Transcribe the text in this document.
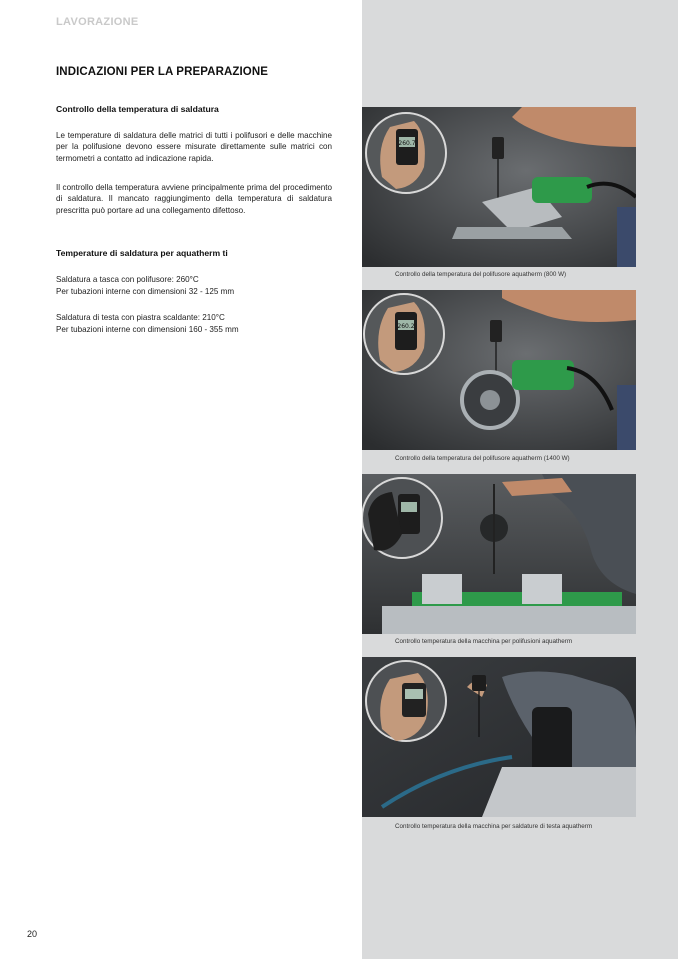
LAVORAZIONE
INDICAZIONI PER LA PREPARAZIONE
Controllo della temperatura di saldatura
Le temperature di saldatura delle matrici di tutti i polifusori e delle macchine per la polifusione devono essere misurate direttamente sulle matrici con termometri a contatto ad indicazione rapida.
Il controllo della temperatura avviene principalmente prima del procedimento di saldatura. Il mancato raggiungimento della temperatura di saldatura prescritta può portare ad una collegamento difettoso.
Temperature di saldatura per aquatherm ti
Saldatura a tasca con polifusore: 260°C
Per tubazioni interne con dimensioni 32 - 125 mm
Saldatura di testa con piastra scaldante: 210°C
Per tubazioni interne con dimensioni 160 - 355 mm
260.7
Controllo della temperatura del polifusore aquatherm (800 W)
260.2
Controllo della temperatura del polifusore aquatherm (1400 W)
Controllo temperatura della macchina per polifusioni aquatherm
Controllo temperatura della macchina per saldature di testa aquatherm
20
